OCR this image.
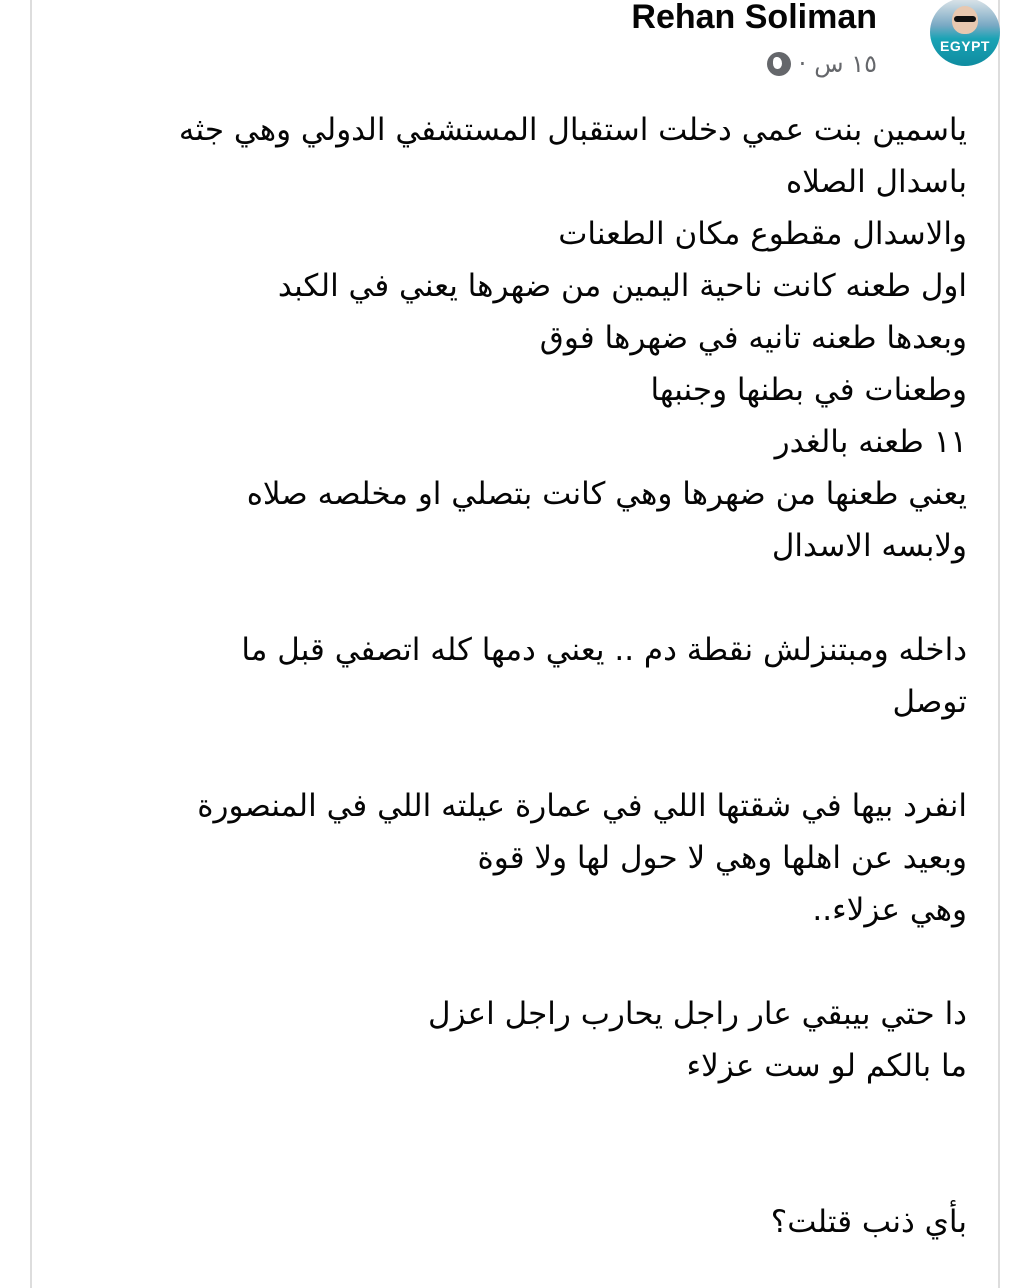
EGYPT
Rehan Soliman
١٥ س
·
ياسمين بنت عمي دخلت استقبال المستشفي الدولي وهي جثه
باسدال الصلاه
والاسدال مقطوع مكان الطعنات
اول طعنه كانت ناحية اليمين من ضهرها يعني في الكبد
وبعدها طعنه تانيه في ضهرها فوق
وطعنات في بطنها وجنبها
١١ طعنه بالغدر
يعني طعنها من ضهرها وهي كانت بتصلي او مخلصه صلاه
ولابسه الاسدال
داخله ومبتنزلش نقطة دم .. يعني دمها كله اتصفي قبل ما
توصل
انفرد بيها في شقتها اللي في عمارة عيلته اللي في المنصورة
وبعيد عن اهلها وهي لا حول لها ولا قوة
وهي عزلاء..
دا حتي بيبقي عار راجل يحارب راجل اعزل
ما بالكم لو ست عزلاء
بأي ذنب قتلت؟
